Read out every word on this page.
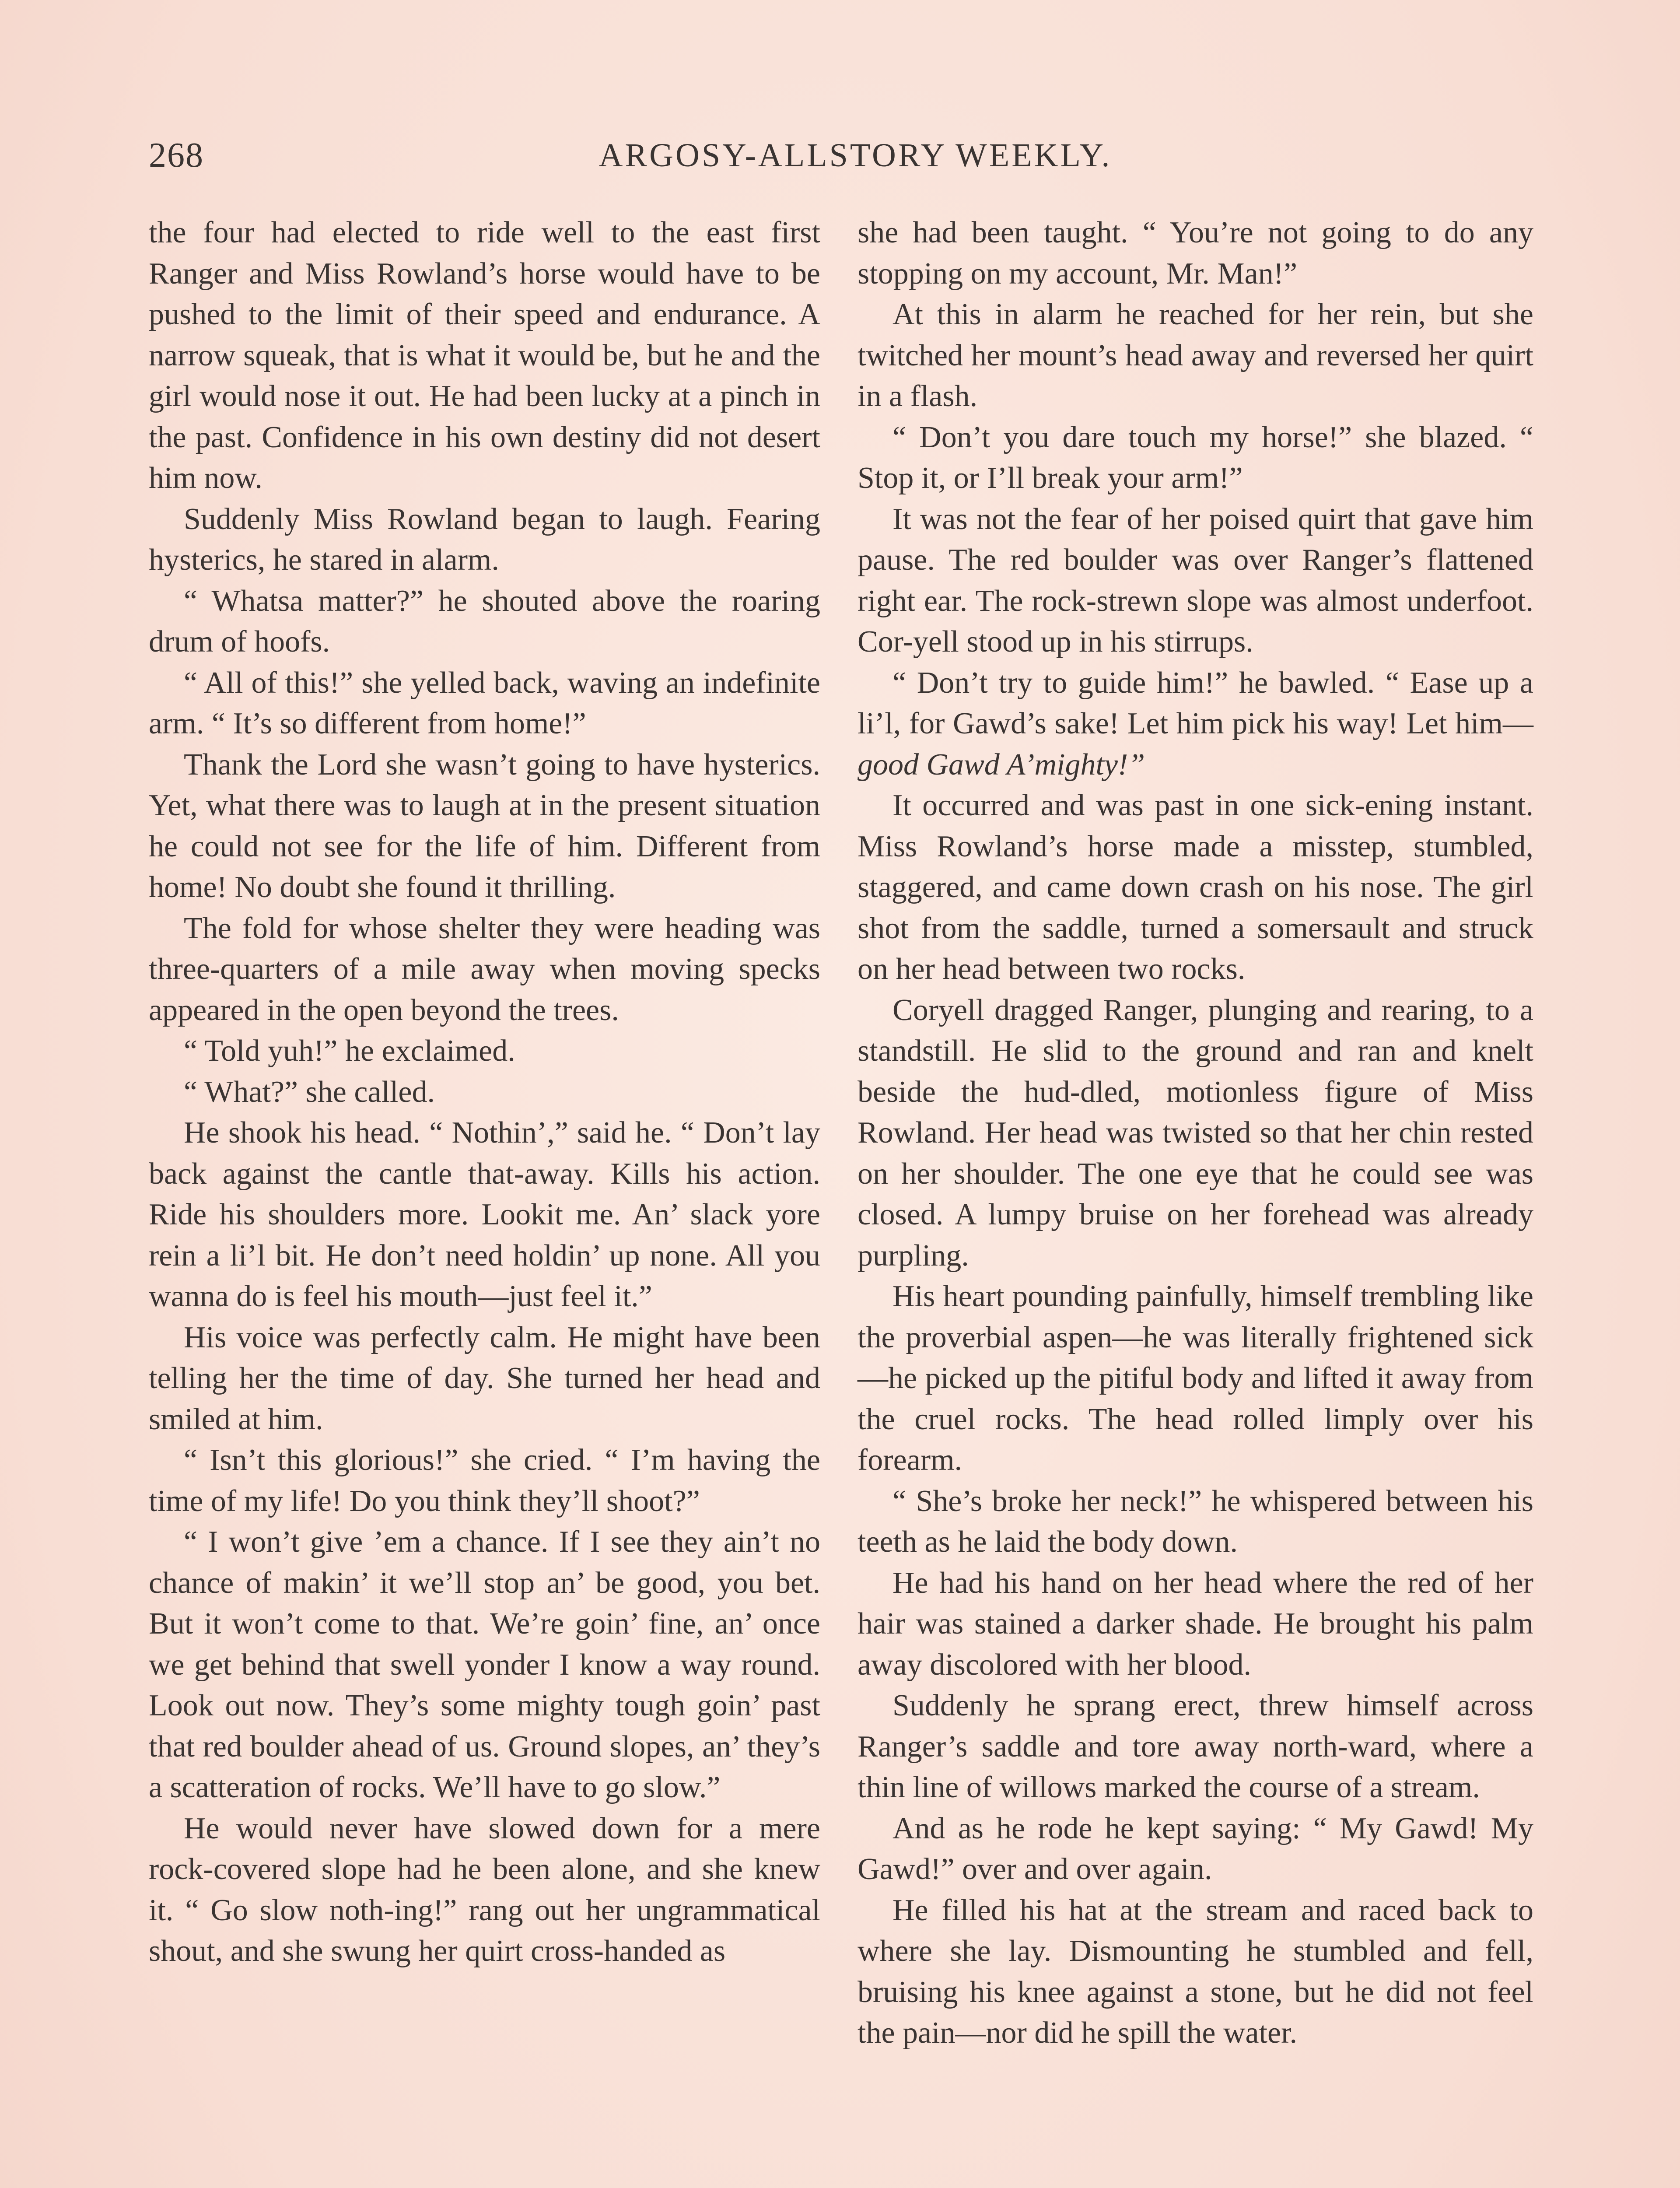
268	ARGOSY-ALLSTORY WEEKLY.

the four had elected to ride well to the east first Ranger and Miss Rowland’s horse would have to be pushed to the limit of their speed and endurance. A narrow squeak, that is what it would be, but he and the girl would nose it out. He had been lucky at a pinch in the past. Confidence in his own destiny did not desert him now.

Suddenly Miss Rowland began to laugh. Fearing hysterics, he stared in alarm.

“ Whatsa matter?” he shouted above the roaring drum of hoofs.

“ All of this!” she yelled back, waving an indefinite arm. “ It’s so different from home!”

Thank the Lord she wasn’t going to have hysterics. Yet, what there was to laugh at in the present situation he could not see for the life of him. Different from home! No doubt she found it thrilling.

The fold for whose shelter they were heading was three-quarters of a mile away when moving specks appeared in the open beyond the trees.

“ Told yuh!” he exclaimed.

“ What?” she called.

He shook his head. “ Nothin’,” said he. “ Don’t lay back against the cantle that-away. Kills his action. Ride his shoulders more. Lookit me. An’ slack yore rein a li’l bit. He don’t need holdin’ up none. All you wanna do is feel his mouth—just feel it.”

His voice was perfectly calm. He might have been telling her the time of day. She turned her head and smiled at him.

“ Isn’t this glorious!” she cried. “ I’m having the time of my life! Do you think they’ll shoot?”

“ I won’t give ’em a chance. If I see they ain’t no chance of makin’ it we’ll stop an’ be good, you bet. But it won’t come to that. We’re goin’ fine, an’ once we get behind that swell yonder I know a way round. Look out now. They’s some mighty tough goin’ past that red boulder ahead of us. Ground slopes, an’ they’s a scatteration of rocks. We’ll have to go slow.”

He would never have slowed down for a mere rock-covered slope had he been alone, and she knew it. “ Go slow noth-ing!” rang out her ungrammatical shout, and she swung her quirt cross-handed as

she had been taught. “ You’re not going to do any stopping on my account, Mr. Man!”

At this in alarm he reached for her rein, but she twitched her mount’s head away and reversed her quirt in a flash.

“ Don’t you dare touch my horse!” she blazed. “ Stop it, or I’ll break your arm!”

It was not the fear of her poised quirt that gave him pause. The red boulder was over Ranger’s flattened right ear. The rock-strewn slope was almost underfoot. Cor-yell stood up in his stirrups.

“ Don’t try to guide him!” he bawled. “ Ease up a li’l, for Gawd’s sake! Let him pick his way! Let him—good Gawd A’mighty!”

It occurred and was past in one sick-ening instant. Miss Rowland’s horse made a misstep, stumbled, staggered, and came down crash on his nose. The girl shot from the saddle, turned a somersault and struck on her head between two rocks.

Coryell dragged Ranger, plunging and rearing, to a standstill. He slid to the ground and ran and knelt beside the hud-dled, motionless figure of Miss Rowland. Her head was twisted so that her chin rested on her shoulder. The one eye that he could see was closed. A lumpy bruise on her forehead was already purpling.

His heart pounding painfully, himself trembling like the proverbial aspen—he was literally frightened sick—he picked up the pitiful body and lifted it away from the cruel rocks. The head rolled limply over his forearm.

“ She’s broke her neck!” he whispered between his teeth as he laid the body down.

He had his hand on her head where the red of her hair was stained a darker shade. He brought his palm away discolored with her blood.

Suddenly he sprang erect, threw himself across Ranger’s saddle and tore away north-ward, where a thin line of willows marked the course of a stream.

And as he rode he kept saying: “ My Gawd! My Gawd!” over and over again.

He filled his hat at the stream and raced back to where she lay. Dismounting he stumbled and fell, bruising his knee against a stone, but he did not feel the pain—nor did he spill the water.
